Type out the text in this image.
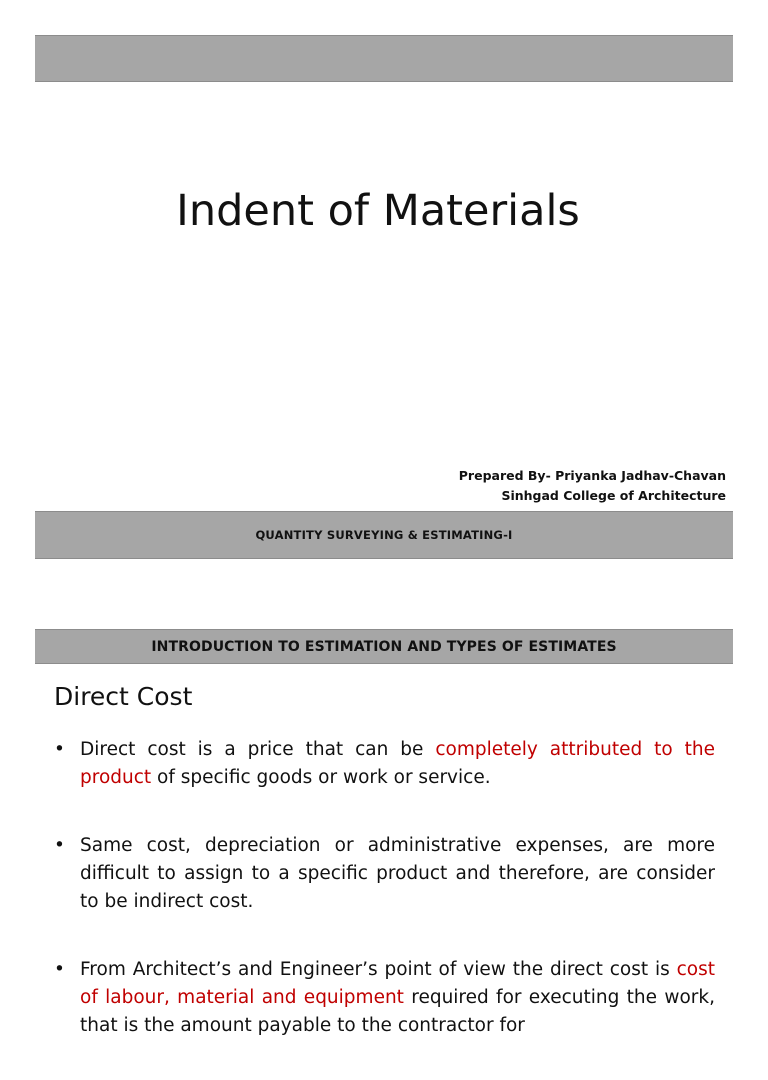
Indent of Materials
Prepared By- Priyanka Jadhav-Chavan
Sinhgad College of Architecture
QUANTITY SURVEYING & ESTIMATING-I
INTRODUCTION TO ESTIMATION AND TYPES OF ESTIMATES
Direct Cost
• Direct cost is a price that can be completely attributed to the product of specific goods or work or service.
• Same cost, depreciation or administrative expenses, are more difficult to assign to a specific product and therefore, are consider to be indirect cost.
• From Architect’s and Engineer’s point of view the direct cost is cost of labour, material and equipment required for executing the work, that is the amount payable to the contractor for
